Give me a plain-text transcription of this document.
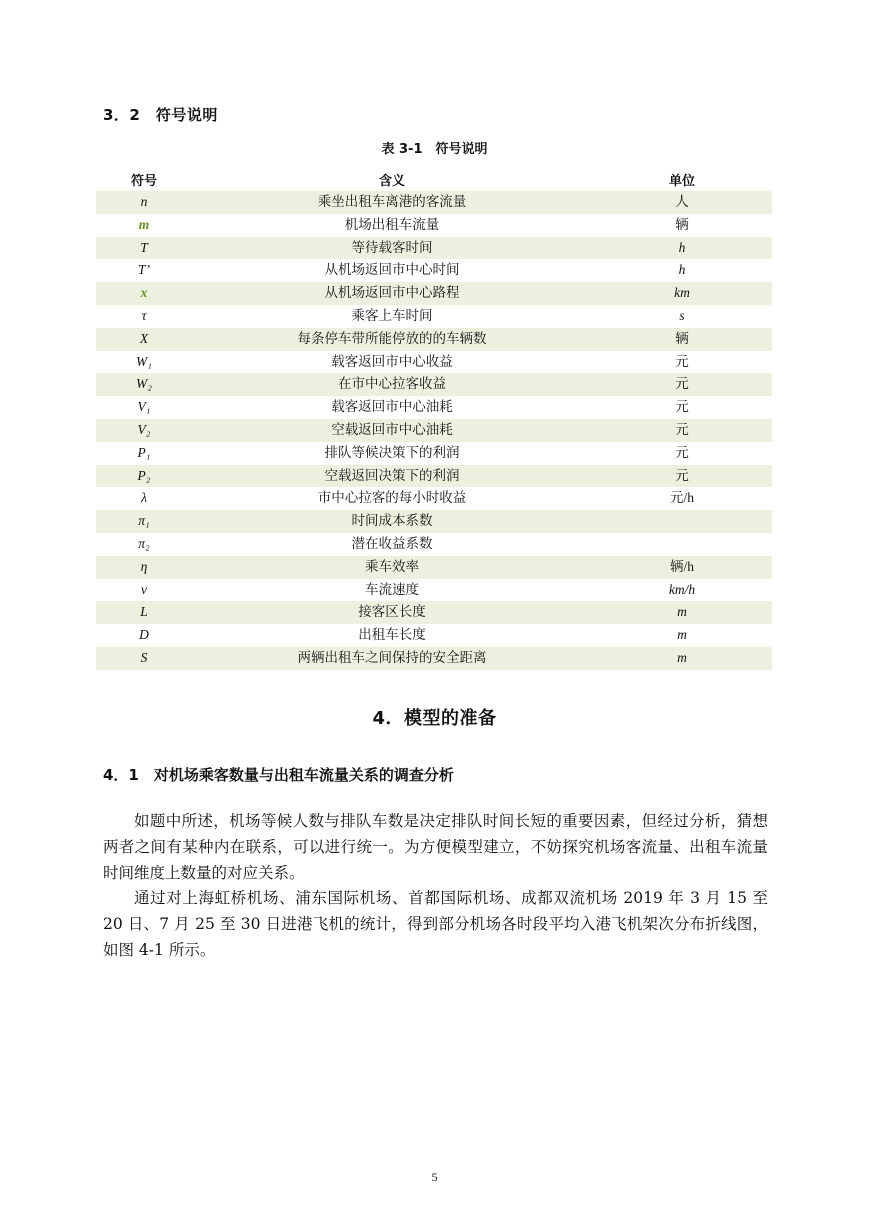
3．2　符号说明
表 3-1　符号说明
符号	含义	单位
n	乘坐出租车离港的客流量	人
m	机场出租车流量	辆
T	等待载客时间	h
T’	从机场返回市中心时间	h
x	从机场返回市中心路程	km
τ	乘客上车时间	s
X	每条停车带所能停放的的车辆数	辆
W₁	载客返回市中心收益	元
W₂	在市中心拉客收益	元
V₁	载客返回市中心油耗	元
V₂	空载返回市中心油耗	元
P₁	排队等候决策下的利润	元
P₂	空载返回决策下的利润	元
λ	市中心拉客的每小时收益	元/h
π₁	时间成本系数	
π₂	潜在收益系数	
η	乘车效率	辆/h
v	车流速度	km/h
L	接客区长度	m
D	出租车长度	m
S	两辆出租车之间保持的安全距离	m
4．模型的准备
4．1　对机场乘客数量与出租车流量关系的调查分析

如题中所述，机场等候人数与排队车数是决定排队时间长短的重要因素，但经过分析，猜想两者之间有某种内在联系，可以进行统一。为方便模型建立，不妨探究机场客流量、出租车流量时间维度上数量的对应关系。

通过对上海虹桥机场、浦东国际机场、首都国际机场、成都双流机场 2019 年 3 月 15 至 20 日、7 月 25 至 30 日进港飞机的统计，得到部分机场各时段平均入港飞机架次分布折线图，如图 4-1 所示。

5
